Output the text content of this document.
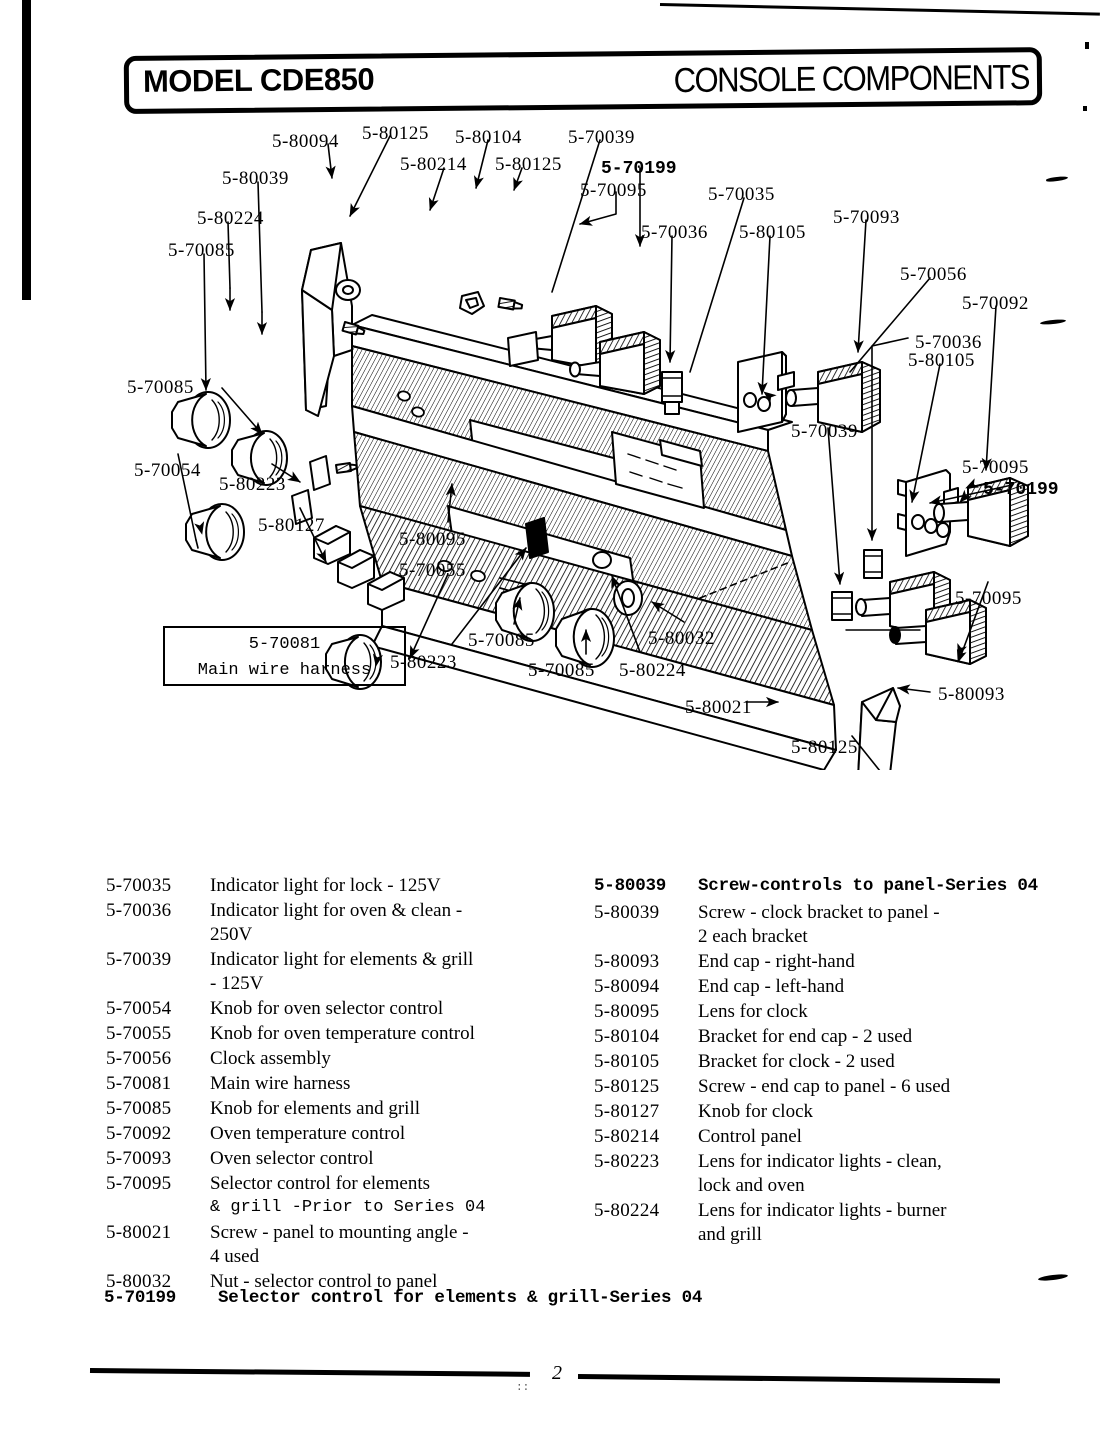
MODEL CDE850	CONSOLE COMPONENTS
5-80094 5-80125 5-80104 5-70039
5-80039
5-80214 5-80125 5-70199
5-80224
5-70095	5-70035
5-70093
5-70085
5-70036 5-80105
5-70056
5-70092
5-70036
5-80105
5-70085
5-70054
5-80223
5-70039
5-70095
5-70199
5-80127
5-80095
5-70055
5-80223
5-70085	5-80032
5-70085 5-80224
5-70095
5-80093
5-80021
5-80125
5-70081
Main wire harness
5-70035	Indicator light for lock - 125V
5-70036	Indicator light for oven & clean -
250V
5-70039	Indicator light for elements & grill
- 125V
5-70054	Knob for oven selector control
5-70055	Knob for oven temperature control
5-70056	Clock assembly
5-70081	Main wire harness
5-70085	Knob for elements and grill
5-70092	Oven temperature control
5-70093	Oven selector control
5-70095	Selector control for elements
& grill -Prior to Series 04
5-80021	Screw - panel to mounting angle -
4 used
5-80032	Nut - selector control to panel
5-80039	Screw-controls to panel-Series 04
5-80039	Screw - clock bracket to panel -
2 each bracket
5-80093	End cap - right-hand
5-80094	End cap - left-hand
5-80095	Lens for clock
5-80104	Bracket for end cap - 2 used
5-80105	Bracket for clock - 2 used
5-80125	Screw - end cap to panel - 6 used
5-80127	Knob for clock
5-80214	Control panel
5-80223	Lens for indicator lights - clean,
lock and oven
5-80224	Lens for indicator lights - burner
and grill
5-70199	Selector control for elements & grill-Series 04
2
::
